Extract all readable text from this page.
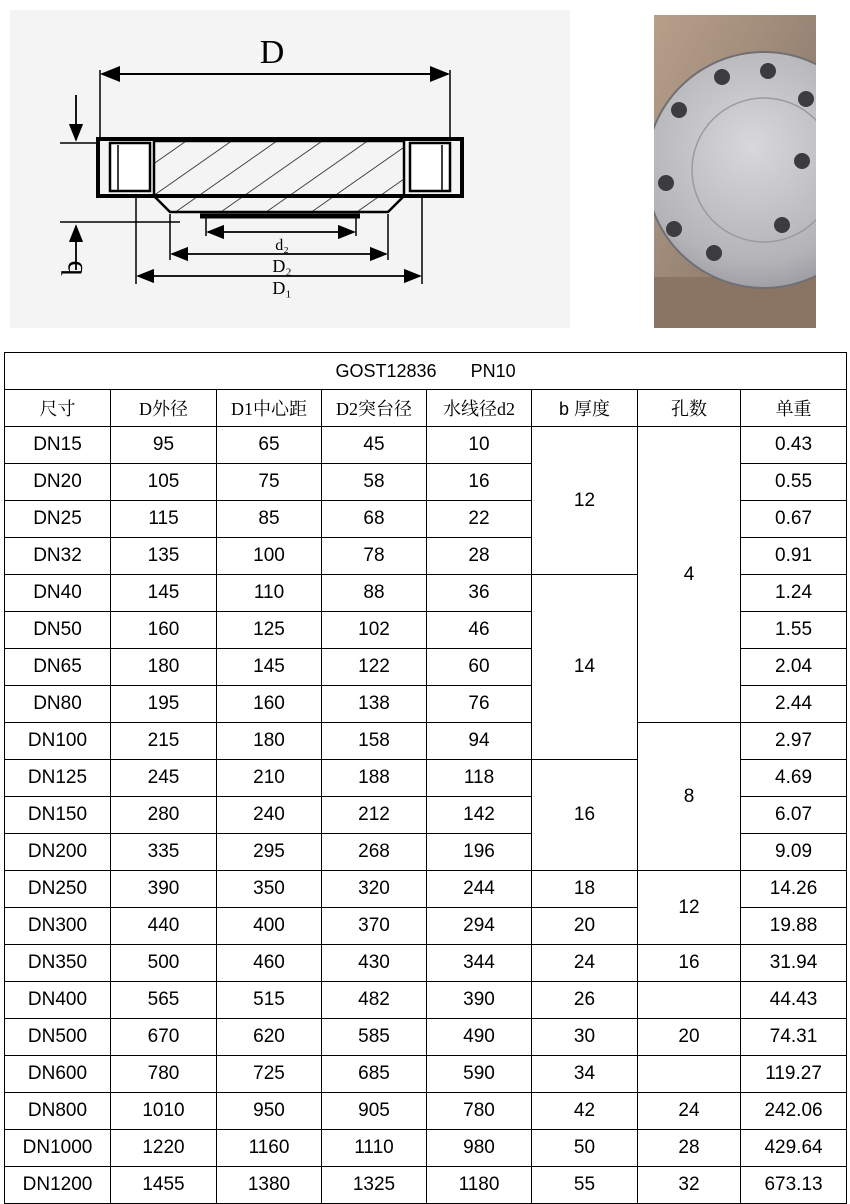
D
b
d₂
D₂
D₁
GOST12836 PN10							
尺寸	D外径	D1中心距	D2突台径	水线径d2	b 厚度	孔数	单重
DN15	95	65	45	10	12	4	0.43
DN20	105	75	58	16			0.55
DN25	115	85	68	22			0.67
DN32	135	100	78	28			0.91
DN40	145	110	88	36	14		1.24
DN50	160	125	102	46			1.55
DN65	180	145	122	60			2.04
DN80	195	160	138	76			2.44
DN100	215	180	158	94		8	2.97
DN125	245	210	188	118	16		4.69
DN150	280	240	212	142			6.07
DN200	335	295	268	196			9.09
DN250	390	350	320	244	18	12	14.26
DN300	440	400	370	294	20		19.88
DN350	500	460	430	344	24	16	31.94
DN400	565	515	482	390	26		44.43
DN500	670	620	585	490	30	20	74.31
DN600	780	725	685	590	34		119.27
DN800	1010	950	905	780	42	24	242.06
DN1000	1220	1160	1110	980	50	28	429.64
DN1200	1455	1380	1325	1180	55	32	673.13
